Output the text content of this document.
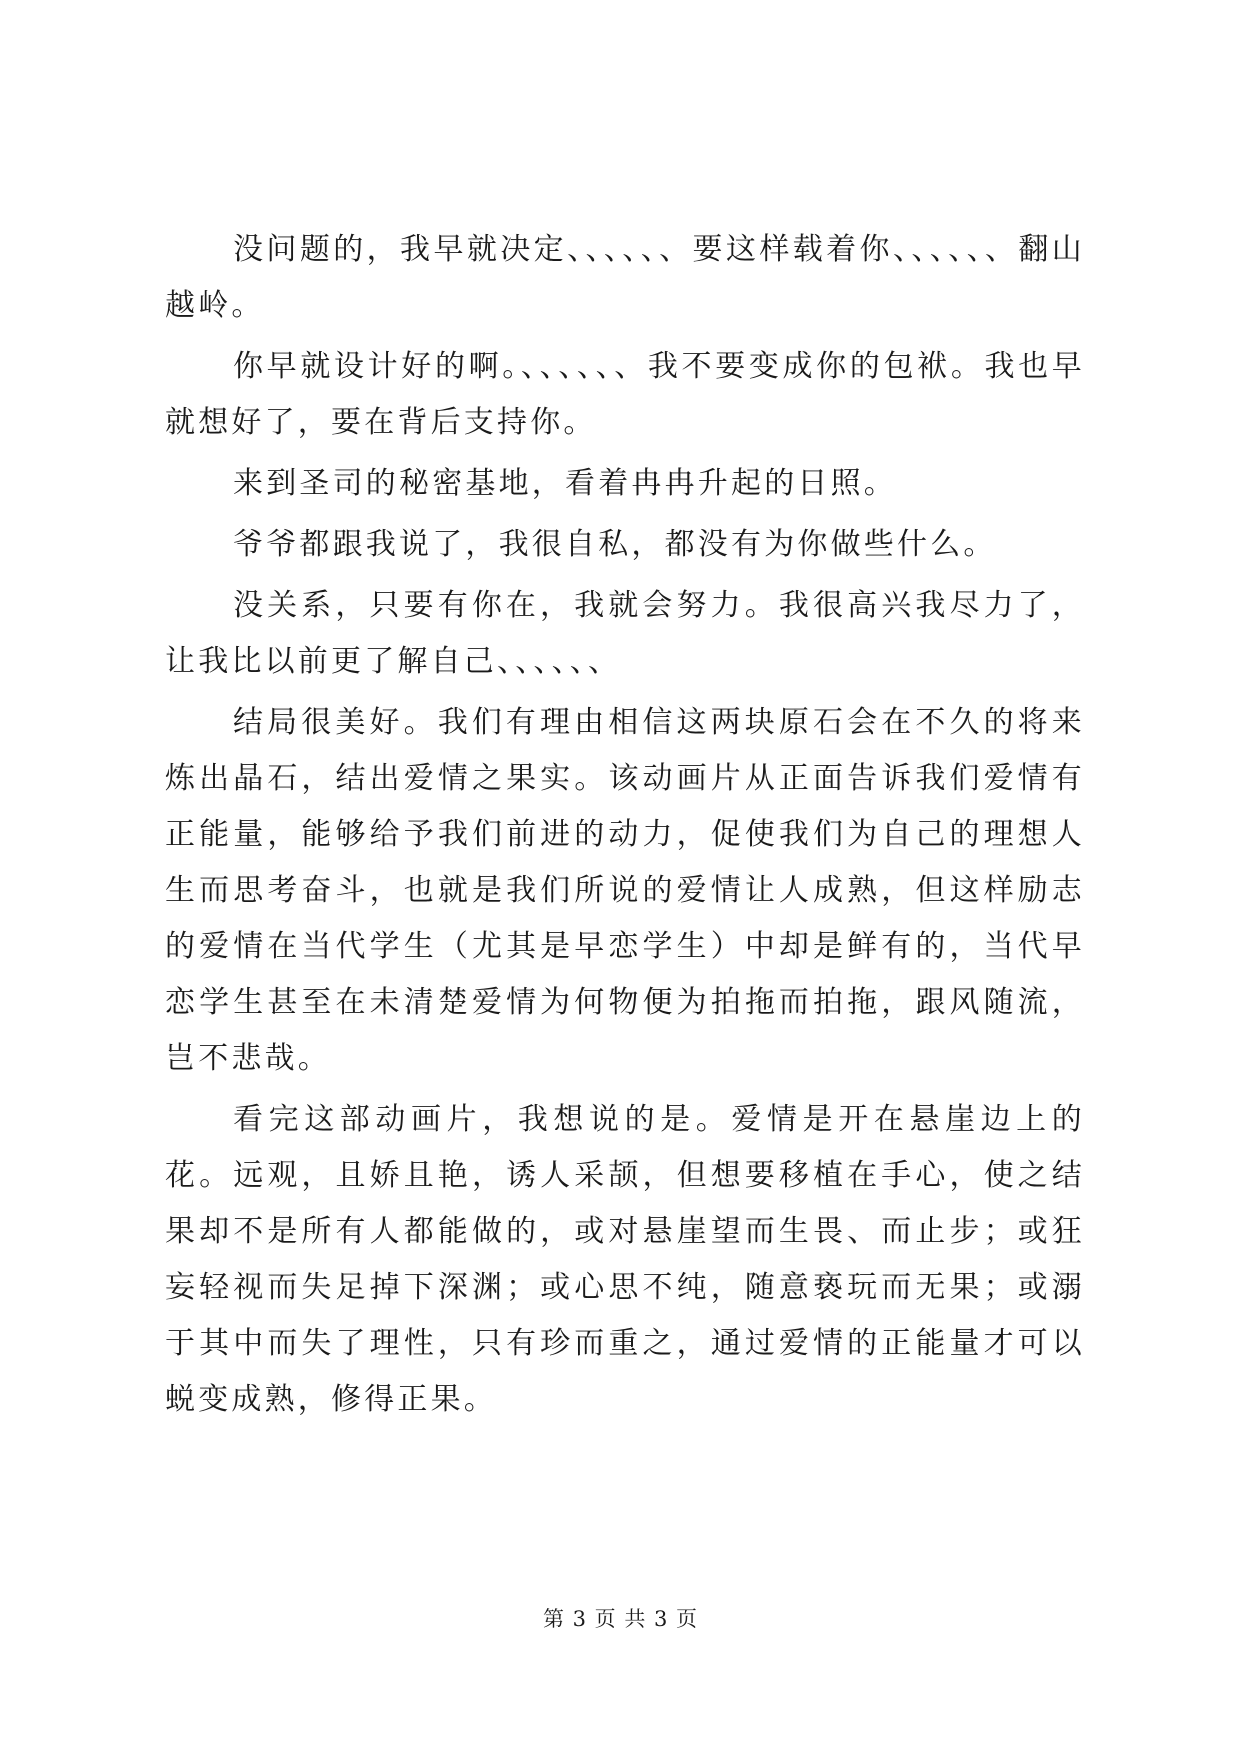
没问题的，我早就决定、、、、、、要这样载着你、、、、、、翻山越岭。

你早就设计好的啊。、、、、、、我不要变成你的包袱。我也早就想好了，要在背后支持你。

来到圣司的秘密基地，看着冉冉升起的日照。

爷爷都跟我说了，我很自私，都没有为你做些什么。

没关系，只要有你在，我就会努力。我很高兴我尽力了，让我比以前更了解自己、、、、、、

结局很美好。我们有理由相信这两块原石会在不久的将来炼出晶石，结出爱情之果实。该动画片从正面告诉我们爱情有正能量，能够给予我们前进的动力，促使我们为自己的理想人生而思考奋斗，也就是我们所说的爱情让人成熟，但这样励志的爱情在当代学生（尤其是早恋学生）中却是鲜有的，当代早恋学生甚至在未清楚爱情为何物便为拍拖而拍拖，跟风随流，岂不悲哉。

看完这部动画片，我想说的是。爱情是开在悬崖边上的花。远观，且娇且艳，诱人采颉，但想要移植在手心，使之结果却不是所有人都能做的，或对悬崖望而生畏、而止步；或狂妄轻视而失足掉下深渊；或心思不纯，随意亵玩而无果；或溺于其中而失了理性，只有珍而重之，通过爱情的正能量才可以蜕变成熟，修得正果。

第 3 页 共 3 页
